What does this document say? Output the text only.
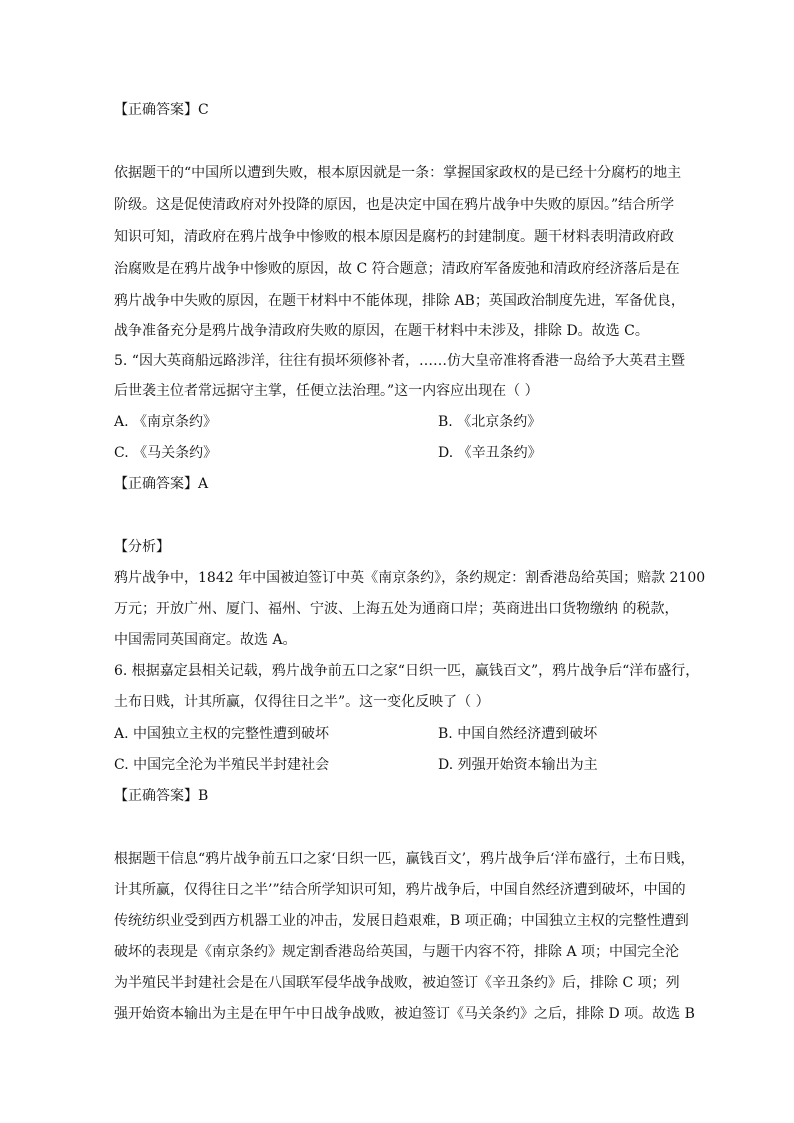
【正确答案】C
依据题干的“中国所以遭到失败，根本原因就是一条：掌握国家政权的是已经十分腐朽的地主
阶级。这是促使清政府对外投降的原因，也是决定中国在鸦片战争中失败的原因。”结合所学
知识可知，清政府在鸦片战争中惨败的根本原因是腐朽的封建制度。题干材料表明清政府政
治腐败是在鸦片战争中惨败的原因，故 C 符合题意；清政府军备废弛和清政府经济落后是在
鸦片战争中失败的原因，在题干材料中不能体现，排除 AB；英国政治制度先进，军备优良，
战争准备充分是鸦片战争清政府失败的原因，在题干材料中未涉及，排除 D。故选 C。
5. “因大英商船远路涉洋，往往有损坏须修补者，……仿大皇帝准将香港一岛给予大英君主暨
后世袭主位者常远据守主掌，任便立法治理。”这一内容应出现在（ ）
A. 《南京条约》	B. 《北京条约》
C. 《马关条约》	D. 《辛丑条约》
【正确答案】A
【分析】
鸦片战争中，1842 年中国被迫签订中英《南京条约》，条约规定：割香港岛给英国；赔款 2100
万元；开放广州、厦门、福州、宁波、上海五处为通商口岸；英商进出口货物缴纳 的税款，
中国需同英国商定。故选 A。
6. 根据嘉定县相关记载，鸦片战争前五口之家“日织一匹，赢钱百文”，鸦片战争后“洋布盛行，
土布日贱，计其所赢，仅得往日之半”。这一变化反映了（ ）
A. 中国独立主权的完整性遭到破坏	B. 中国自然经济遭到破坏
C. 中国完全沦为半殖民半封建社会	D. 列强开始资本输出为主
【正确答案】B
根据题干信息“鸦片战争前五口之家‘日织一匹，赢钱百文’，鸦片战争后‘洋布盛行，土布日贱，
计其所赢，仅得往日之半’”结合所学知识可知，鸦片战争后，中国自然经济遭到破坏，中国的
传统纺织业受到西方机器工业的冲击，发展日趋艰难，B 项正确；中国独立主权的完整性遭到
破坏的表现是《南京条约》规定割香港岛给英国，与题干内容不符，排除 A 项；中国完全沦
为半殖民半封建社会是在八国联军侵华战争战败，被迫签订《辛丑条约》后，排除 C 项；列
强开始资本输出为主是在甲午中日战争战败，被迫签订《马关条约》之后，排除 D 项。故选 B
